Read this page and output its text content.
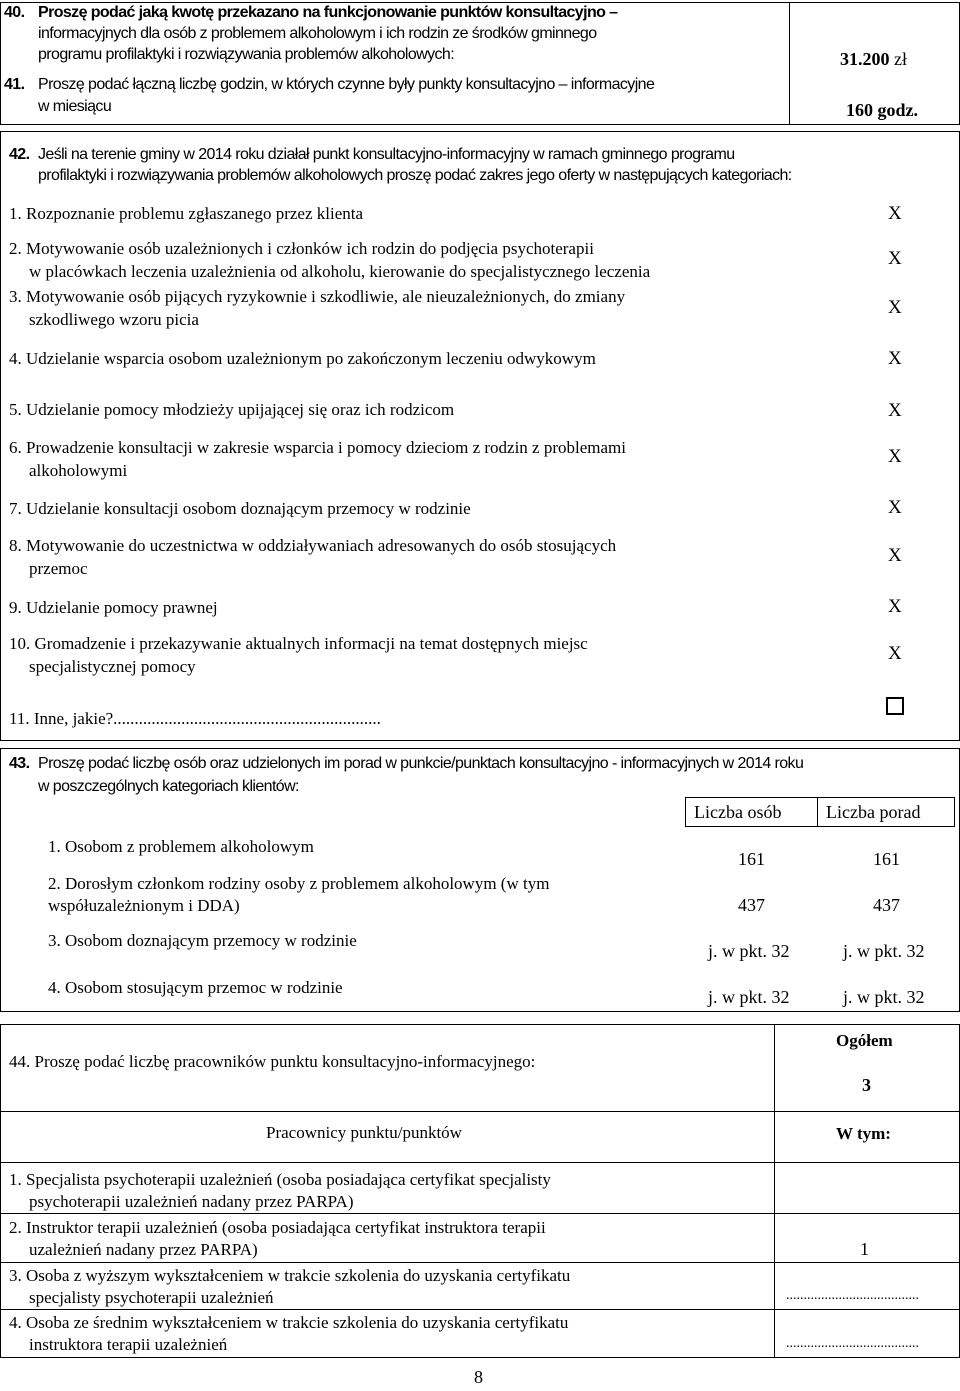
40. Proszę podać jaką kwotę przekazano na funkcjonowanie punktów konsultacyjno –
informacyjnych dla osób z problemem alkoholowym i ich rodzin ze środków gminnego
programu profilaktyki i rozwiązywania problemów alkoholowych:	31.200 zł
41. Proszę podać łączną liczbę godzin, w których czynne były punkty konsultacyjno – informacyjne
w miesiącu	160 godz.
42. Jeśli na terenie gminy w 2014 roku działał punkt konsultacyjno-informacyjny w ramach gminnego programu
profilaktyki i rozwiązywania problemów alkoholowych proszę podać zakres jego oferty w następujących kategoriach:
1. Rozpoznanie problemu zgłaszanego przez klienta	X
2. Motywowanie osób uzależnionych i członków ich rodzin do podjęcia psychoterapii
w placówkach leczenia uzależnienia od alkoholu, kierowanie do specjalistycznego leczenia
X
3. Motywowanie osób pijących ryzykownie i szkodliwie, ale nieuzależnionych, do zmiany
szkodliwego wzoru picia
X
4. Udzielanie wsparcia osobom uzależnionym po zakończonym leczeniu odwykowym	X
5. Udzielanie pomocy młodzieży upijającej się oraz ich rodzicom	X
6. Prowadzenie konsultacji w zakresie wsparcia i pomocy dzieciom z rodzin z problemami
alkoholowymi
X
7. Udzielanie konsultacji osobom doznającym przemocy w rodzinie	X
8. Motywowanie do uczestnictwa w oddziaływaniach adresowanych do osób stosujących
przemoc
X
9. Udzielanie pomocy prawnej	X
10. Gromadzenie i przekazywanie aktualnych informacji na temat dostępnych miejsc
specjalistycznej pomocy
X
11. Inne, jakie?...............................................................
43. Proszę podać liczbę osób oraz udzielonych im porad w punkcie/punktach konsultacyjno - informacyjnych w 2014 roku
w poszczególnych kategoriach klientów:
Liczba osób Liczba porad
1. Osobom z problemem alkoholowym
161	161
2. Dorosłym członkom rodziny osoby z problemem alkoholowym (w tym
współuzależnionym i DDA)	437	437
3. Osobom doznającym przemocy w rodzinie
j. w pkt. 32	j. w pkt. 32
4. Osobom stosującym przemoc w rodzinie	j. w pkt. 32	j. w pkt. 32
44. Proszę podać liczbę pracowników punktu konsultacyjno-informacyjnego:
Ogółem
3
Pracownicy punktu/punktów	W tym:
1. Specjalista psychoterapii uzależnień (osoba posiadająca certyfikat specjalisty
psychoterapii uzależnień nadany przez PARPA)
2. Instruktor terapii uzależnień (osoba posiadająca certyfikat instruktora terapii
uzależnień nadany przez PARPA)	1
3. Osoba z wyższym wykształceniem w trakcie szkolenia do uzyskania certyfikatu
specjalisty psychoterapii uzależnień	......................................
4. Osoba ze średnim wykształceniem w trakcie szkolenia do uzyskania certyfikatu
instruktora terapii uzależnień	......................................
8
